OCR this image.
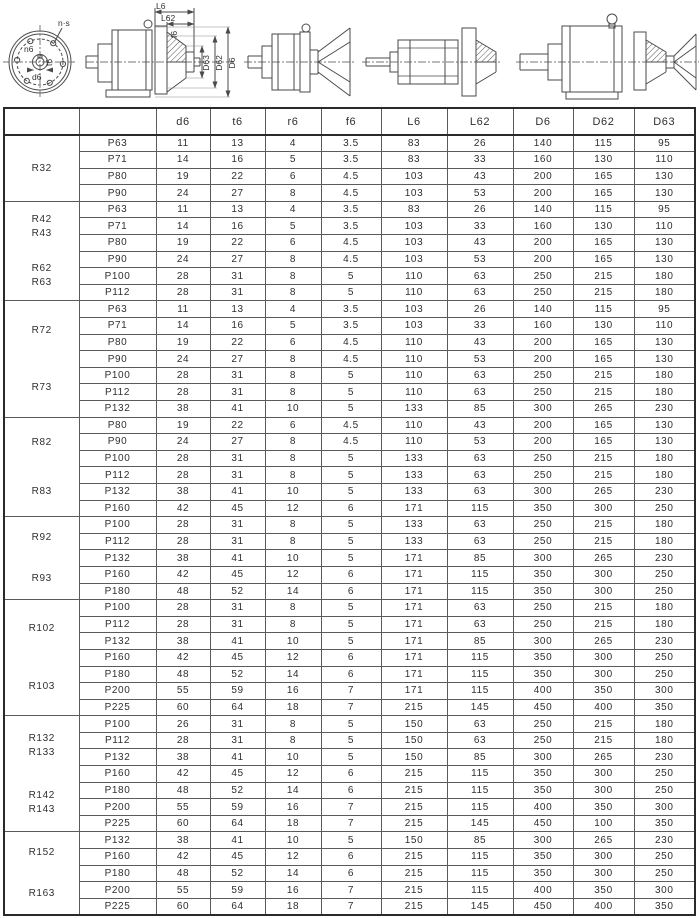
n·s
n6
t6
d6
L6
L62
f6
D63 D62 D6
		d6	t6	r6	f6	L6	L62	D6	D62	D63

R32	P63	11	13	4	3.5	83	26	140	115	95
	P71	14	16	5	3.5	83	33	160	130	110
	P80	19	22	6	4.5	103	43	200	165	130
	P90	24	27	8	4.5	103	53	200	165	130

R42
R43
R62
R63	P63	11	13	4	3.5	83	26	140	115	95
	P71	14	16	5	3.5	103	33	160	130	110
	P80	19	22	6	4.5	103	43	200	165	130
	P90	24	27	8	4.5	103	53	200	165	130
	P100	28	31	8	5	110	63	250	215	180
	P112	28	31	8	5	110	63	250	215	180

R72
R73	P63	11	13	4	3.5	103	26	140	115	95
	P71	14	16	5	3.5	103	33	160	130	110
	P80	19	22	6	4.5	110	43	200	165	130
	P90	24	27	8	4.5	110	53	200	165	130
	P100	28	31	8	5	110	63	250	215	180
	P112	28	31	8	5	110	63	250	215	180
	P132	38	41	10	5	133	85	300	265	230

R82
R83	P80	19	22	6	4.5	110	43	200	165	130
	P90	24	27	8	4.5	110	53	200	165	130
	P100	28	31	8	5	133	63	250	215	180
	P112	28	31	8	5	133	63	250	215	180
	P132	38	41	10	5	133	63	300	265	230
	P160	42	45	12	6	171	115	350	300	250

R92
R93	P100	28	31	8	5	133	63	250	215	180
	P112	28	31	8	5	133	63	250	215	180
	P132	38	41	10	5	171	85	300	265	230
	P160	42	45	12	6	171	115	350	300	250
	P180	48	52	14	6	171	115	350	300	250

R102
R103	P100	28	31	8	5	171	63	250	215	180
	P112	28	31	8	5	171	63	250	215	180
	P132	38	41	10	5	171	85	300	265	230
	P160	42	45	12	6	171	115	350	300	250
	P180	48	52	14	6	171	115	350	300	250
	P200	55	59	16	7	171	115	400	350	300
	P225	60	64	18	7	215	145	450	400	350

R132
R133
R142
R143	P100	26	31	8	5	150	63	250	215	180
	P112	28	31	8	5	150	63	250	215	180
	P132	38	41	10	5	150	85	300	265	230
	P160	42	45	12	6	215	115	350	300	250
	P180	48	52	14	6	215	115	350	300	250
	P200	55	59	16	7	215	115	400	350	300
	P225	60	64	18	7	215	145	450	100	350

R152
R163	P132	38	41	10	5	150	85	300	265	230
	P160	42	45	12	6	215	115	350	300	250
	P180	48	52	14	6	215	115	350	300	250
	P200	55	59	16	7	215	115	400	350	300
	P225	60	64	18	7	215	145	450	400	350
